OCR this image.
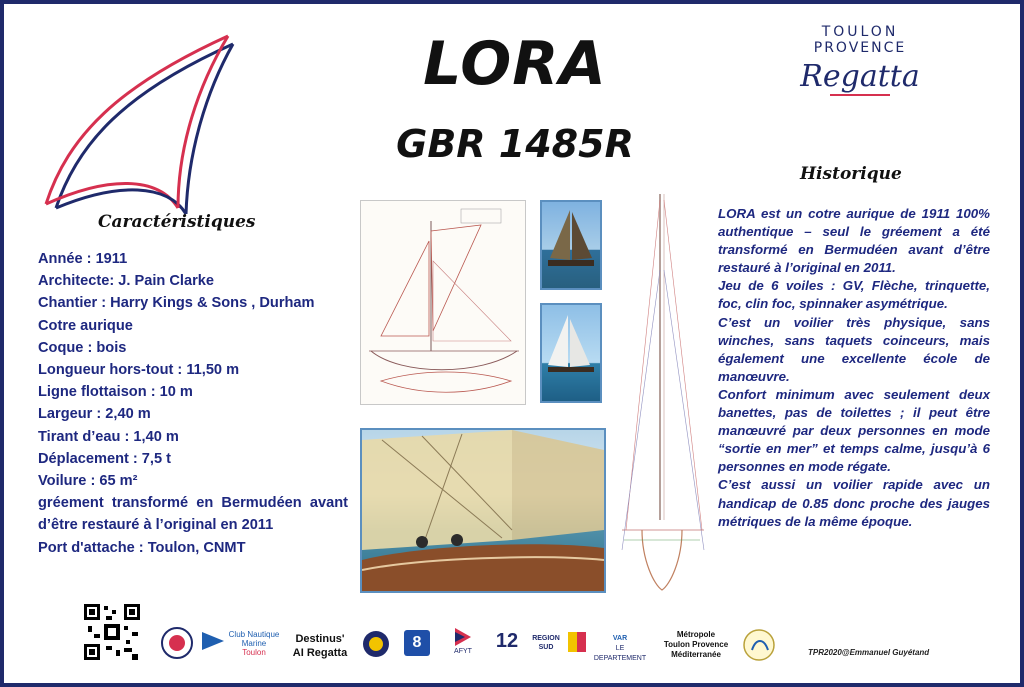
LORA
GBR 1485R
TOULON
PROVENCE
Regatta
Caractéristiques
Historique
Année : 1911
Architecte: J. Pain Clarke
Chantier : Harry Kings & Sons , Durham
Cotre aurique
Coque : bois
Longueur hors-tout : 11,50 m
Ligne flottaison : 10 m
Largeur : 2,40 m
Tirant d’eau : 1,40 m
Déplacement : 7,5 t
Voilure : 65 m²
gréement transformé en Bermudéen avant d’être restauré à l’original en 2011
Port d'attache : Toulon, CNMT

LORA est un cotre aurique de 1911 100% authentique – seul le gréement a été transformé en Bermudéen avant d’être restauré à l’original en 2011.

Jeu de 6 voiles : GV, Flèche, trinquette, foc, clin foc, spinnaker asymétrique.

C’est un voilier très physique, sans winches, sans taquets coinceurs, mais également une excellente école de manœuvre.

Confort minimum avec seulement deux banettes, pas de toilettes ; il peut être manœuvré par deux personnes en mode “sortie en mer” et temps calme, jusqu’à 6 personnes en mode régate.

C’est aussi un voilier rapide avec un handicap de 0.85 donc proche des jauges métriques de la même époque.

Club Nautique
Marine
Toulon
Destinus'
AI Regatta
8
AFYT	12	REGION
SUD
VAR
LE DEPARTEMENT
Métropole
Toulon Provence
Méditerranée	TPR2020@Emmanuel Guyétand
